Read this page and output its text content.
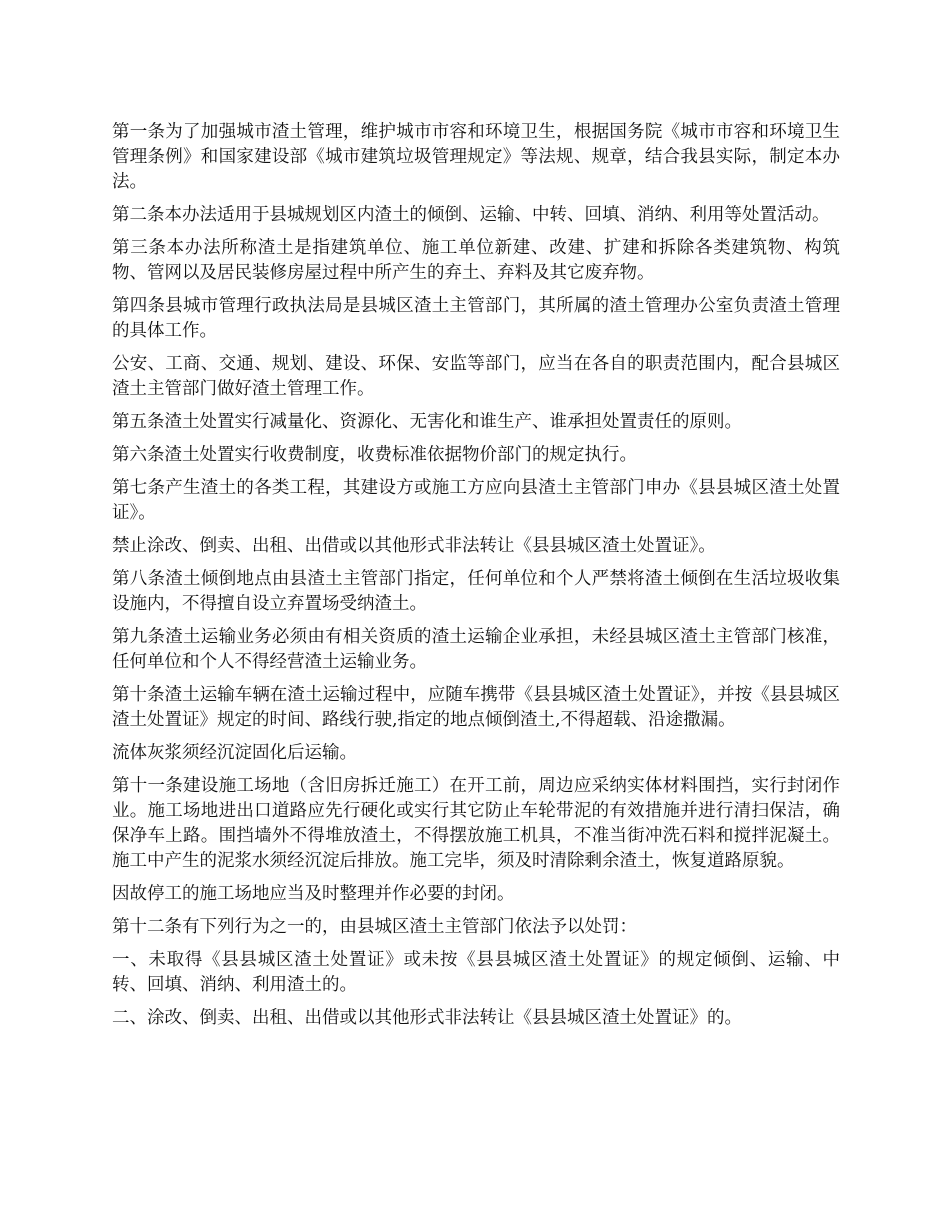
第一条为了加强城市渣土管理，维护城市市容和环境卫生，根据国务院《城市市容和环境卫生管理条例》和国家建设部《城市建筑垃圾管理规定》等法规、规章，结合我县实际，制定本办法。

第二条本办法适用于县城规划区内渣土的倾倒、运输、中转、回填、消纳、利用等处置活动。

第三条本办法所称渣土是指建筑单位、施工单位新建、改建、扩建和拆除各类建筑物、构筑物、管网以及居民装修房屋过程中所产生的弃土、弃料及其它废弃物。

第四条县城市管理行政执法局是县城区渣土主管部门，其所属的渣土管理办公室负责渣土管理的具体工作。

公安、工商、交通、规划、建设、环保、安监等部门，应当在各自的职责范围内，配合县城区渣土主管部门做好渣土管理工作。

第五条渣土处置实行减量化、资源化、无害化和谁生产、谁承担处置责任的原则。

第六条渣土处置实行收费制度，收费标准依据物价部门的规定执行。

第七条产生渣土的各类工程，其建设方或施工方应向县渣土主管部门申办《县县城区渣土处置证》。

禁止涂改、倒卖、出租、出借或以其他形式非法转让《县县城区渣土处置证》。

第八条渣土倾倒地点由县渣土主管部门指定，任何单位和个人严禁将渣土倾倒在生活垃圾收集设施内，不得擅自设立弃置场受纳渣土。

第九条渣土运输业务必须由有相关资质的渣土运输企业承担，未经县城区渣土主管部门核准，任何单位和个人不得经营渣土运输业务。

第十条渣土运输车辆在渣土运输过程中，应随车携带《县县城区渣土处置证》，并按《县县城区渣土处置证》规定的时间、路线行驶,指定的地点倾倒渣土,不得超载、沿途撒漏。

流体灰浆须经沉淀固化后运输。

第十一条建设施工场地（含旧房拆迁施工）在开工前，周边应采纳实体材料围挡，实行封闭作业。施工场地进出口道路应先行硬化或实行其它防止车轮带泥的有效措施并进行清扫保洁，确保净车上路。围挡墙外不得堆放渣土，不得摆放施工机具，不准当街冲洗石料和搅拌泥凝土。施工中产生的泥浆水须经沉淀后排放。施工完毕，须及时清除剩余渣土，恢复道路原貌。

因故停工的施工场地应当及时整理并作必要的封闭。

第十二条有下列行为之一的，由县城区渣土主管部门依法予以处罚：

一、未取得《县县城区渣土处置证》或未按《县县城区渣土处置证》的规定倾倒、运输、中转、回填、消纳、利用渣土的。

二、涂改、倒卖、出租、出借或以其他形式非法转让《县县城区渣土处置证》的。
